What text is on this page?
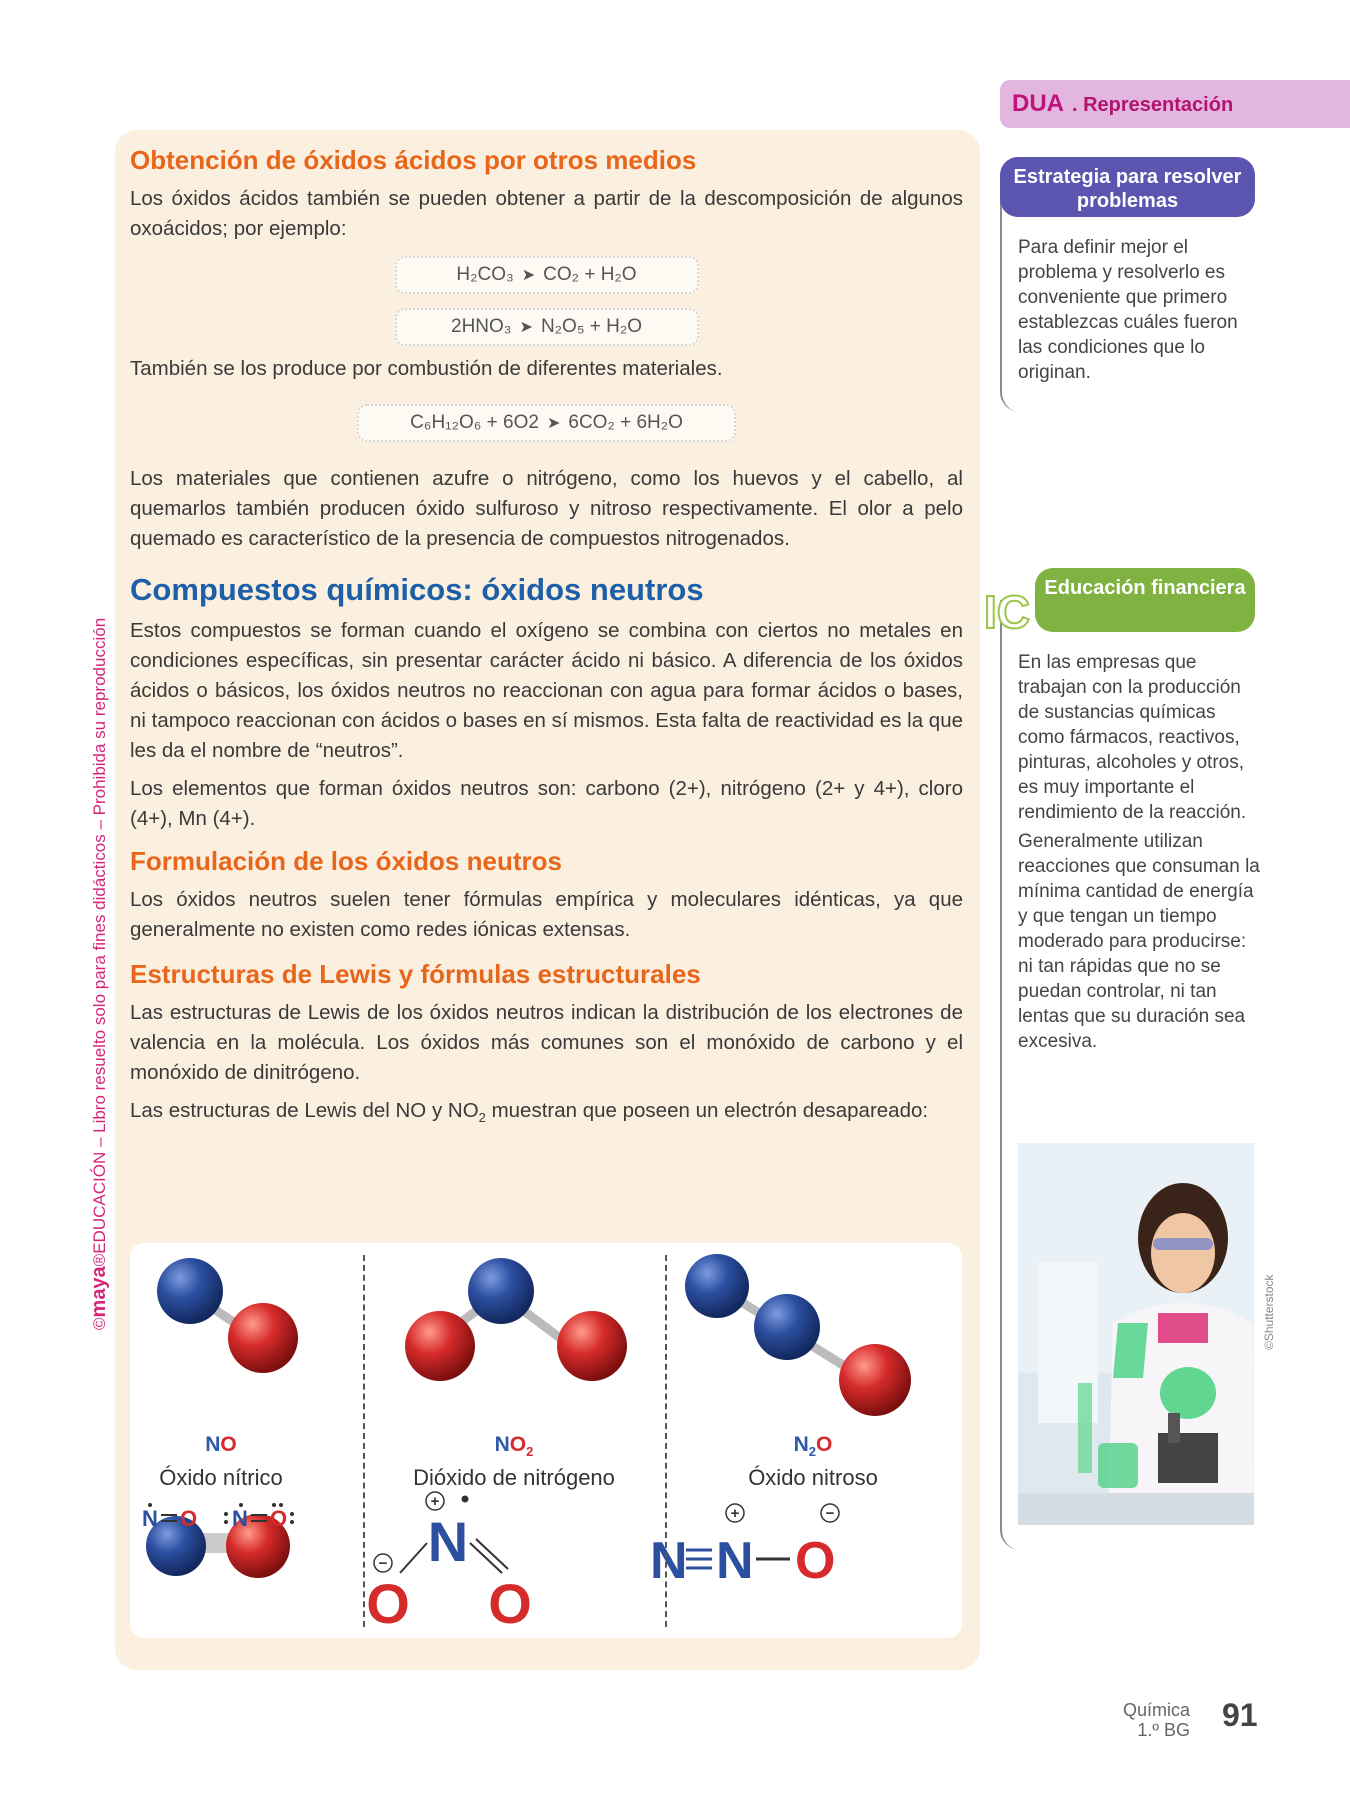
©maya®EDUCACIÓN – Libro resuelto solo para fines didácticos – Prohibida su reproducción
Obtención de óxidos ácidos por otros medios

Los óxidos ácidos también se pueden obtener a partir de la descomposición de algunos oxoácidos; por ejemplo:

H₂CO₃ ➤ CO₂ + H₂O
2HNO₃ ➤ N₂O₅ + H₂O

También se los produce por combustión de diferentes materiales.

C₆H₁₂O₆ + 6O2 ➤ 6CO₂ + 6H₂O

Los materiales que contienen azufre o nitrógeno, como los huevos y el cabello, al quemarlos también producen óxido sulfuroso y nitroso respectivamente. El olor a pelo quemado es característico de la presencia de compuestos nitrogenados.

Compuestos químicos: óxidos neutros

Estos compuestos se forman cuando el oxígeno se combina con ciertos no metales en condiciones específicas, sin presentar carácter ácido ni básico. A diferencia de los óxidos ácidos o básicos, los óxidos neutros no reaccionan con agua para formar ácidos o bases, ni tampoco reaccionan con ácidos o bases en sí mismos. Esta falta de reactividad es la que les da el nombre de “neutros”.

Los elementos que forman óxidos neutros son: carbono (2+), nitrógeno (2+ y 4+), cloro (4+), Mn (4+).

Formulación de los óxidos neutros

Los óxidos neutros suelen tener fórmulas empírica y moleculares idénticas, ya que generalmente no existen como redes iónicas extensas.

Estructuras de Lewis y fórmulas estructurales

Las estructuras de Lewis de los óxidos neutros indican la distribución de los electrones de valencia en la molécula. Los óxidos más comunes son el monóxido de carbono y el monóxido de dinitrógeno.

Las estructuras de Lewis del NO y $NO_2$ muestran que poseen un electrón desapareado:

+
N
−
O O
N N O
+	−
N O N O
NO
Óxido nítrico
$NO_2$
Dióxido de nitrógeno
$N_2O$
Óxido nitroso
DUA . Representación
Estrategia para resolver problemas

Para definir mejor el problema y resolverlo es conveniente que primero establezcas cuáles fueron las condiciones que lo originan.

IC Educación financiera

En las empresas que trabajan con la producción de sustancias químicas como fármacos, reactivos, pinturas, alcoholes y otros, es muy importante el rendimiento de la reacción.

Generalmente utilizan reacciones que consuman la mínima cantidad de energía y que tengan un tiempo moderado para producirse: ni tan rápidas que no se puedan controlar, ni tan lentas que su duración sea excesiva.

©Shutterstock
Química
1.º BG 91
